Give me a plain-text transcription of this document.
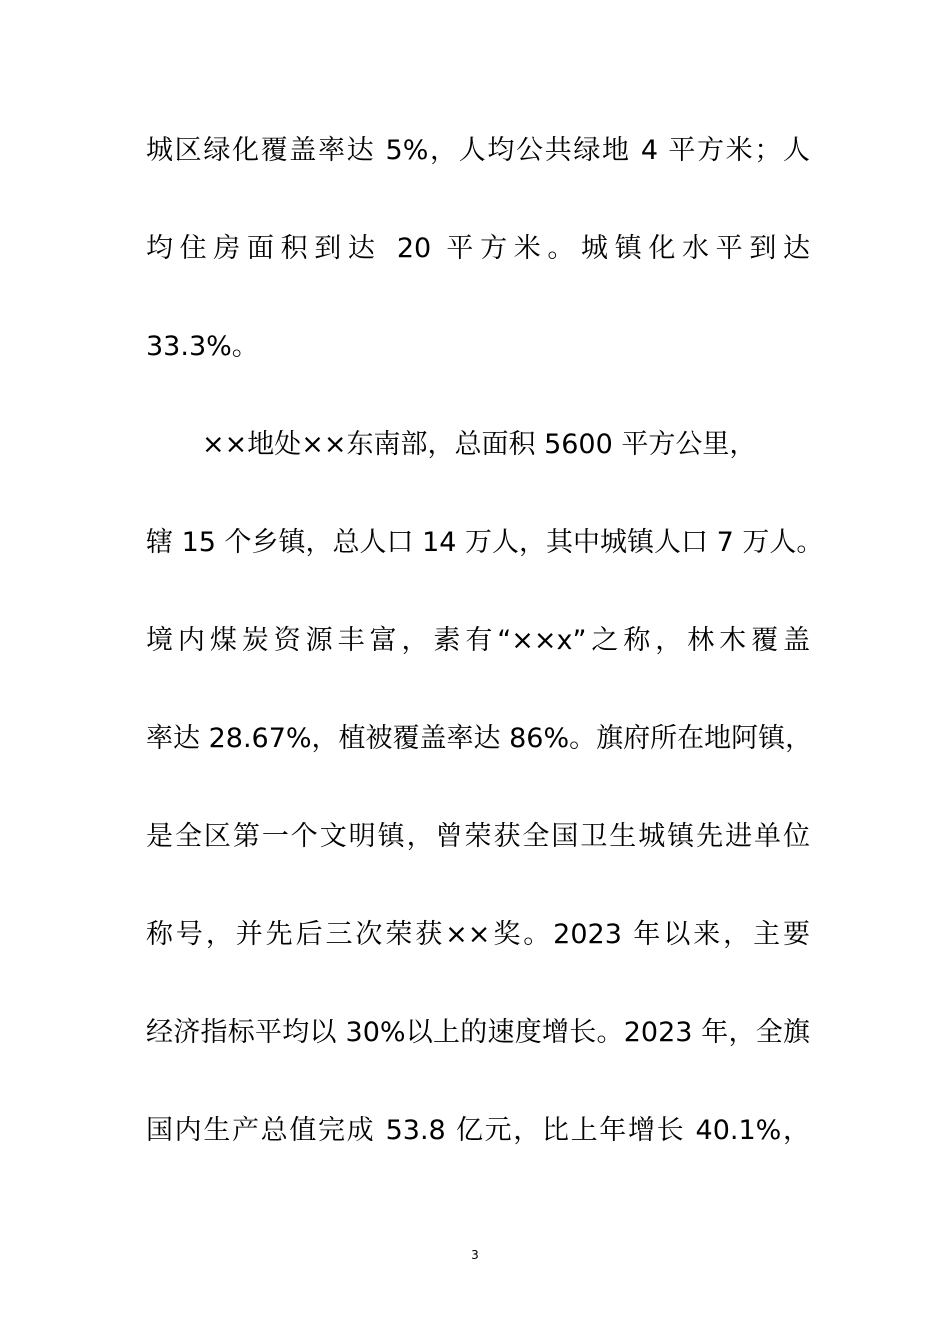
城区绿化覆盖率达 5%，人均公共绿地 4 平方米；人
均住房面积到达 20 平方米。城镇化水平到达
33.3%。
××地处××东南部，总面积 5600 平方公里，
辖 15 个乡镇，总人口 14 万人，其中城镇人口 7 万人。
境内煤炭资源丰富，素有“××x”之称，林木覆盖
率达 28.67%，植被覆盖率达 86%。旗府所在地阿镇，
是全区第一个文明镇，曾荣获全国卫生城镇先进单位
称号，并先后三次荣获××奖。2023 年以来，主要
经济指标平均以 30%以上的速度增长。2023 年，全旗
国内生产总值完成 53.8 亿元，比上年增长 40.1%，
3
